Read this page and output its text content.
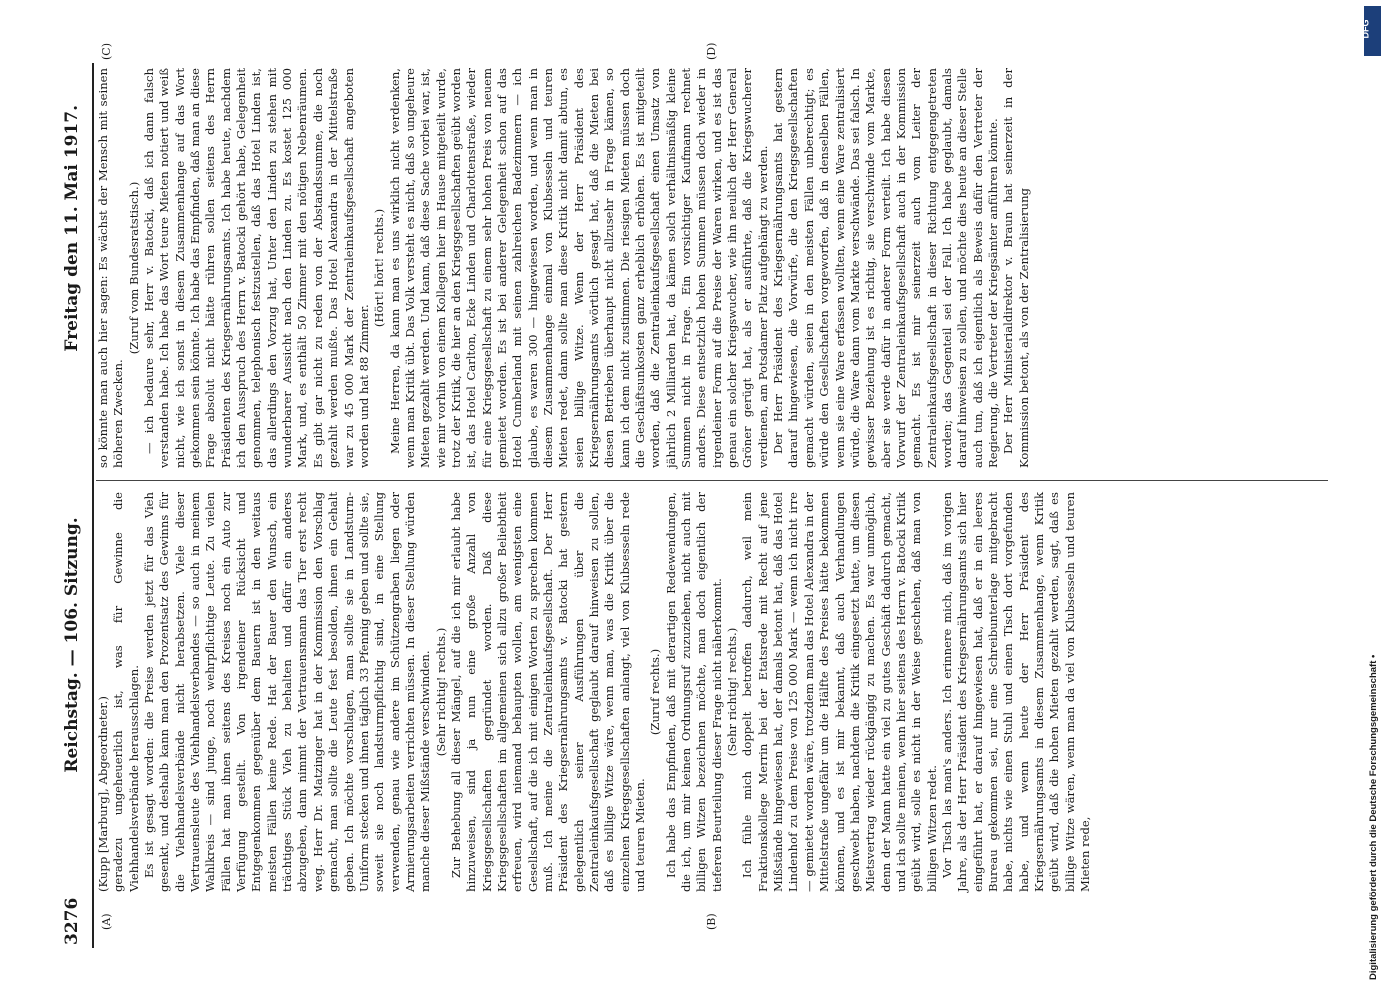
3276
Reichstag. — 106. Sitzung.
Freitag den 11. Mai 1917.
(A)	(B)
(C)	(D)

(Kupp [Marburg], Abgeordneter.) geradezu ungeheuerlich ist, was für Gewinne die Viehhandelsverbände herausschlagen. Es ist gesagt worden: die Preise werden jetzt für das Vieh gesenkt, und deshalb kann man den Prozentsatz des Gewinns für die Viehhandelsverbände nicht herabsetzen. Viele dieser Vertrauensleute des Viehhandelsverbandes — so auch in meinem Wahlkreis — sind junge, noch wehrpflichtige Leute. Zu vielen Fällen hat man ihnen seitens des Kreises noch ein Auto zur Verfügung gestellt. Von irgendeiner Rücksicht und Entgegenkommen gegenüber dem Bauern ist in den weitaus meisten Fällen keine Rede. Hat der Bauer den Wunsch, ein trächtiges Stück Vieh zu behalten und dafür ein anderes abzugeben, dann nimmt der Vertrauensmann das Tier erst recht weg. Herr Dr. Matzinger hat in der Kommission den Vorschlag gemacht, man sollte die Leute fest besolden, ihnen ein Gehalt geben. Ich möchte vorschlagen, man sollte sie in Landsturm-Uniform stecken und ihnen täglich 33 Pfennig geben und sollte sie, soweit sie noch landsturmpflichtig sind, in eine Stellung verwenden, genau wie andere im Schützengraben liegen oder Armierungsarbeiten verrichten müssen. In dieser Stellung würden manche dieser Mißstände verschwinden. (Sehr richtig! rechts.) Zur Behebung all dieser Mängel, auf die ich mir erlaubt habe hinzuweisen, sind ja nun eine große Anzahl von Kriegsgesellschaften gegründet worden. Daß diese Kriegsgesellschaften im allgemeinen sich allzu großer Beliebtheit erfreuen, wird niemand behaupten wollen, am wenigsten eine Gesellschaft, auf die ich mit einigen Worten zu sprechen kommen muß. Ich meine die Zentraleinkaufsgesellschaft. Der Herr Präsident des Kriegsernährungsamts v. Batocki hat gestern gelegentlich seiner Ausführungen über die Zentraleinkaufsgesellschaft geglaubt darauf hinweisen zu sollen, daß es billige Witze wäre, wenn man, was die Kritik über die einzelnen Kriegsgesellschaften anlangt, viel von Klubsesseln rede und teuren Mieten.

(Zuruf rechts.) Ich habe das Empfinden, daß mit derartigen Redewendungen, die ich, um mir keinen Ordnungsruf zuzuziehen, nicht auch mit billigen Witzen bezeichnen möchte, man doch eigentlich der tieferen Beurteilung dieser Frage nicht näherkommt. (Sehr richtig! rechts.) Ich fühle mich doppelt betroffen dadurch, weil mein Fraktionskollege Merrin bei der Etatsrede mit Recht auf jene Mißstände hingewiesen hat, der damals betont hat, daß das Hotel Lindenhof zu dem Preise von 125 000 Mark — wenn ich nicht irre — gemietet worden wäre, trotzdem man das Hotel Alexandra in der Mittelstraße ungefähr um die Hälfte des Preises hätte bekommen können, und es ist mir bekannt, daß auch Verhandlungen geschwebt haben, nachdem die Kritik eingesetzt hatte, um diesen Mietsvertrag wieder rückgängig zu machen. Es war unmöglich, denn der Mann hatte ein viel zu gutes Geschäft dadurch gemacht, und ich sollte meinen, wenn hier seitens des Herrn v. Batocki Kritik geübt wird, solle es nicht in der Weise geschehen, daß man von billigen Witzen redet. Vor Tisch las man's anders. Ich erinnere mich, daß im vorigen Jahre, als der Herr Präsident des Kriegsernährungsamts sich hier eingeführt hat, er darauf hingewiesen hat, daß er in ein leeres Bureau gekommen sei, nur eine Schreibunterlage mitgebracht habe, nichts wie einen Stuhl und einen Tisch dort vorgefunden habe, und wenn heute der Herr Präsident des Kriegsernährungsamts in diesem Zusammenhange, wenn Kritik geübt wird, daß die hohen Mieten gezahlt werden, sagt, daß es billige Witze wären, wenn man da viel von Klubsesseln und teuren Mieten rede,

so könnte man auch hier sagen: Es wächst der Mensch mit seinen höheren Zwecken.

(Zuruf vom Bundesratstisch.) — ich bedaure sehr, Herr v. Batocki, daß ich dann falsch verstanden habe. Ich habe das Wort teure Mieten notiert und weiß nicht, wie ich sonst in diesem Zusammenhange auf das Wort gekommen sein könnte. Ich habe das Empfinden, daß man an diese Frage absolut nicht hätte rühren sollen seitens des Herrn Präsidenten des Kriegsernährungsamts. Ich habe heute, nachdem ich den Ausspruch des Herrn v. Batocki gehört habe, Gelegenheit genommen, telephonisch festzustellen, daß das Hotel Linden ist, das allerdings den Vorzug hat, Unter den Linden zu stehen mit wunderbarer Aussicht nach den Linden zu. Es kostet 125 000 Mark, und, es enthält 50 Zimmer mit den nötigen Nebenräumen. Es gibt gar nicht zu reden von der Abstandssumme, die noch gezahlt werden mußte. Das Hotel Alexandra in der Mittelstraße war zu 45 000 Mark der Zentraleinkaufsgesellschaft angeboten worden und hat 88 Zimmer.

(Hört! hört! rechts.) Meine Herren, da kann man es uns wirklich nicht verdenken, wenn man Kritik übt. Das Volk versteht es nicht, daß so ungeheure Mieten gezahlt werden. Und kann, daß diese Sache vorbei war, ist, wie mir vorhin von einem Kollegen hier im Hause mitgeteilt wurde, trotz der Kritik, die hier an den Kriegsgesellschaften geübt worden ist, das Hotel Carlton, Ecke Linden und Charlottenstraße, wieder für eine Kriegsgesellschaft zu einem sehr hohen Preis von neuem gemietet worden. Es ist bei anderer Gelegenheit schon auf das Hotel Cumberland mit seinen zahlreichen Badezimmern — ich glaube, es waren 300 — hingewiesen worden, und wenn man in diesem Zusammenhange einmal von Klubsesseln und teuren Mieten redet, dann sollte man diese Kritik nicht damit abtun, es seien billige Witze. Wenn der Herr Präsident des Kriegsernährungsamts wörtlich gesagt hat, daß die Mieten bei diesen Betrieben überhaupt nicht allzusehr in Frage kämen, so kann ich dem nicht zustimmen. Die riesigen Mieten müssen doch die Geschäftsunkosten ganz erheblich erhöhen. Es ist mitgeteilt worden, daß die Zentraleinkaufsgesellschaft einen Umsatz von jährlich 2 Milliarden hat, da kämen solch verhältnismäßig kleine Summen nicht in Frage. Ein vorsichtiger Kaufmann rechnet anders. Diese entsetzlich hohen Summen müssen doch wieder in irgendeiner Form auf die Preise der Waren wirken, und es ist das genau ein solcher Kriegswucher, wie ihn neulich der Herr General Gröner gerügt hat, als er ausführte, daß die Kriegswucherer verdienen, am Potsdamer Platz aufgehängt zu werden. Der Herr Präsident des Kriegsernährungsamts hat gestern darauf hingewiesen, die Vorwürfe, die den Kriegsgesellschaften gemacht würden, seien in den meisten Fällen unberechtigt; es würde den Gesellschaften vorgeworfen, daß in denselben Fällen, wenn sie eine Ware erfassen wollten, wenn eine Ware zentralisiert würde, die Ware dann vom Markte verschwände. Das sei falsch. In gewisser Beziehung ist es richtig, sie verschwinde vom Markte, aber sie werde dafür in anderer Form verteilt. Ich habe diesen Vorwurf der Zentraleinkaufsgesellschaft auch in der Kommission gemacht. Es ist mir seinerzeit auch vom Leiter der Zentraleinkaufsgesellschaft in dieser Richtung entgegengetreten worden; das Gegenteil sei der Fall. Ich habe geglaubt, damals darauf hinweisen zu sollen, und möchte dies heute an dieser Stelle auch tun, daß ich eigentlich als Beweis dafür den Vertreter der Regierung, die Vertreter der Kriegsämter anführen könnte. Der Herr Ministerialdirektor v. Braun hat seinerzeit in der Kommission betont, als von der Zentralisierung

DFG
Digitalisierung gefördert durch die Deutsche Forschungsgemeinschaft •
